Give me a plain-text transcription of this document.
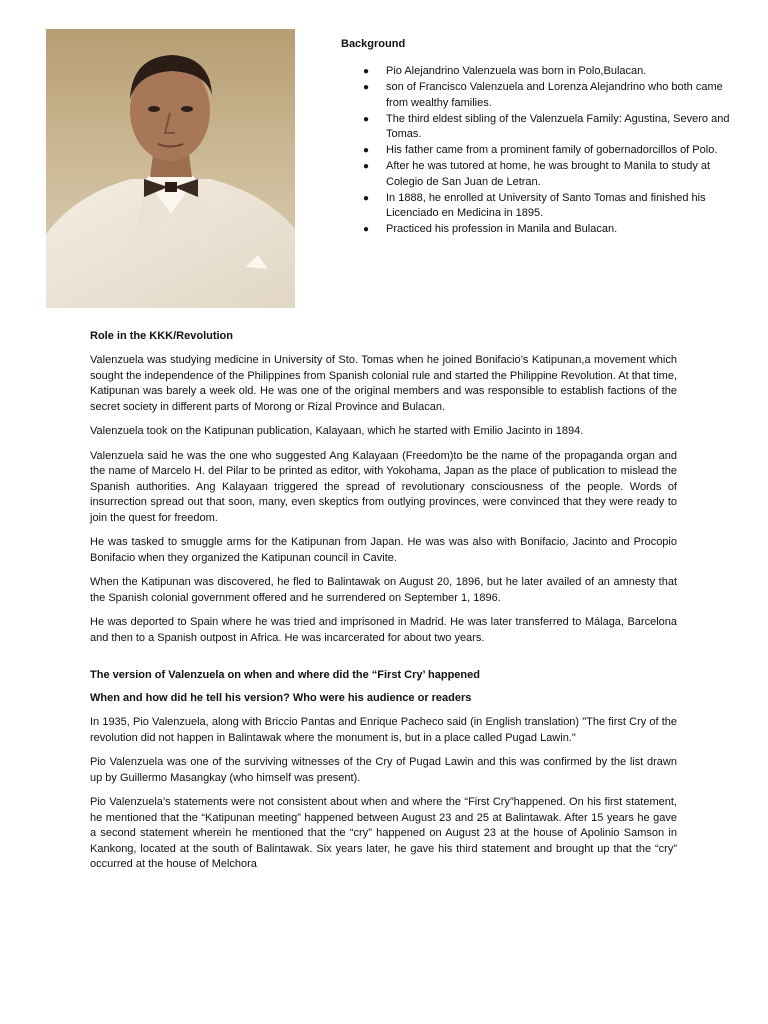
Background
● Pio Alejandrino Valenzuela was born in Polo,Bulacan.
● son of Francisco Valenzuela and Lorenza Alejandrino who both came from wealthy families.
● The third eldest sibling of the Valenzuela Family: Agustina, Severo and Tomas.
● His father came from a prominent family of gobernadorcillos of Polo.
● After he was tutored at home, he was brought to Manila to study at Colegio de San Juan de Letran.
● In 1888, he enrolled at University of Santo Tomas and finished his Licenciado en Medicina in 1895.
● Practiced his profession in Manila and Bulacan.
Role in the KKK/Revolution

Valenzuela was studying medicine in University of Sto. Tomas when he joined Bonifacio’s Katipunan,a movement which sought the independence of the Philippines from Spanish colonial rule and started the Philippine Revolution. At that time, Katipunan was barely a week old. He was one of the original members and was responsible to establish factions of the secret society in different parts of Morong or Rizal Province and Bulacan.

Valenzuela took on the Katipunan publication, Kalayaan, which he started with Emilio Jacinto in 1894.

Valenzuela said he was the one who suggested Ang Kalayaan (Freedom)to be the name of the propaganda organ and the name of Marcelo H. del Pilar to be printed as editor, with Yokohama, Japan as the place of publication to mislead the Spanish authorities. Ang Kalayaan triggered the spread of revolutionary consciousness of the people. Words of insurrection spread out that soon, many, even skeptics from outlying provinces, were convinced that they were ready to join the quest for freedom.

He was tasked to smuggle arms for the Katipunan from Japan. He was was also with Bonifacio, Jacinto and Procopio Bonifacio when they organized the Katipunan council in Cavite.

When the Katipunan was discovered, he fled to Balintawak on August 20, 1896, but he later availed of an amnesty that the Spanish colonial government offered and he surrendered on September 1, 1896.

He was deported to Spain where he was tried and imprisoned in Madrid. He was later transferred to Málaga, Barcelona and then to a Spanish outpost in Africa. He was incarcerated for about two years.

The version of Valenzuela on when and where did the “First Cry’ happened
When and how did he tell his version? Who were his audience or readers

In 1935, Pio Valenzuela, along with Briccio Pantas and Enrique Pacheco said (in English translation) "The first Cry of the revolution did not happen in Balintawak where the monument is, but in a place called Pugad Lawin."

Pio Valenzuela was one of the surviving witnesses of the Cry of Pugad Lawin and this was confirmed by the list drawn up by Guillermo Masangkay (who himself was present).

Pio Valenzuela’s statements were not consistent about when and where the “First Cry”happened. On his first statement, he mentioned that the “Katipunan meeting” happened between August 23 and 25 at Balintawak. After 15 years he gave a second statement wherein he mentioned that the “cry” happened on August 23 at the house of Apolinio Samson in Kankong, located at the south of Balintawak. Six years later, he gave his third statement and brought up that the “cry” occurred at the house of Melchora
